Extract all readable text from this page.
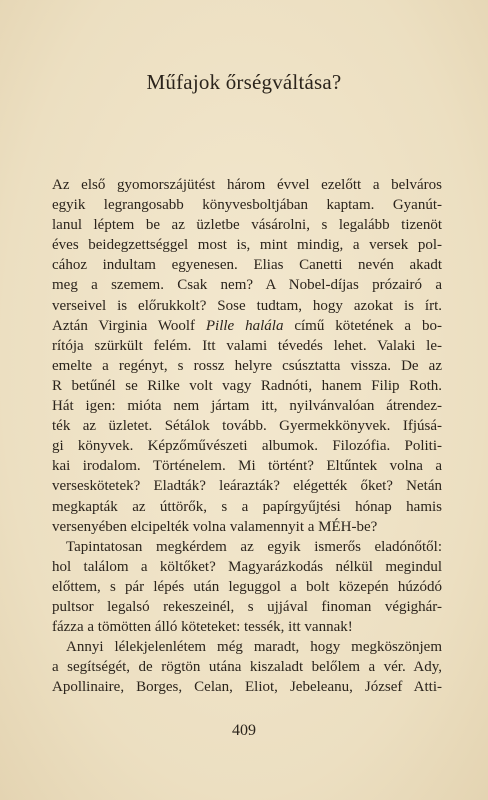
Műfajok őrségváltása?
Az első gyomorszájütést három évvel ezelőtt a belváros
egyik legrangosabb könyvesboltjában kaptam. Gyanút-
lanul léptem be az üzletbe vásárolni, s legalább tizenöt
éves beidegzettséggel most is, mint mindig, a versek pol-
cához indultam egyenesen. Elias Canetti nevén akadt
meg a szemem. Csak nem? A Nobel-díjas prózairó a
verseivel is előrukkolt? Sose tudtam, hogy azokat is írt.
Aztán Virginia Woolf Pille halála című kötetének a bo-
rítója szürkült felém. Itt valami tévedés lehet. Valaki le-
emelte a regényt, s rossz helyre csúsztatta vissza. De az
R betűnél se Rilke volt vagy Radnóti, hanem Filip Roth.
Hát igen: mióta nem jártam itt, nyilvánvalóan átrendez-
ték az üzletet. Sétálok tovább. Gyermekkönyvek. Ifjúsá-
gi könyvek. Képzőművészeti albumok. Filozófia. Politi-
kai irodalom. Történelem. Mi történt? Eltűntek volna a
verseskötetek? Eladták? leárazták? elégették őket? Netán
megkapták az úttörők, s a papírgyűjtési hónap hamis
versenyében elcipelték volna valamennyit a MÉH-be?
Tapintatosan megkérdem az egyik ismerős eladónőtől:
hol találom a költőket? Magyarázkodás nélkül megindul
előttem, s pár lépés után leguggol a bolt közepén húzódó
pultsor legalsó rekeszeinél, s ujjával finoman végighár-
fázza a tömötten álló köteteket: tessék, itt vannak!
Annyi lélekjelenlétem még maradt, hogy megköszönjem
a segítségét, de rögtön utána kiszaladt belőlem a vér. Ady,
Apollinaire, Borges, Celan, Eliot, Jebeleanu, József Atti-
409
